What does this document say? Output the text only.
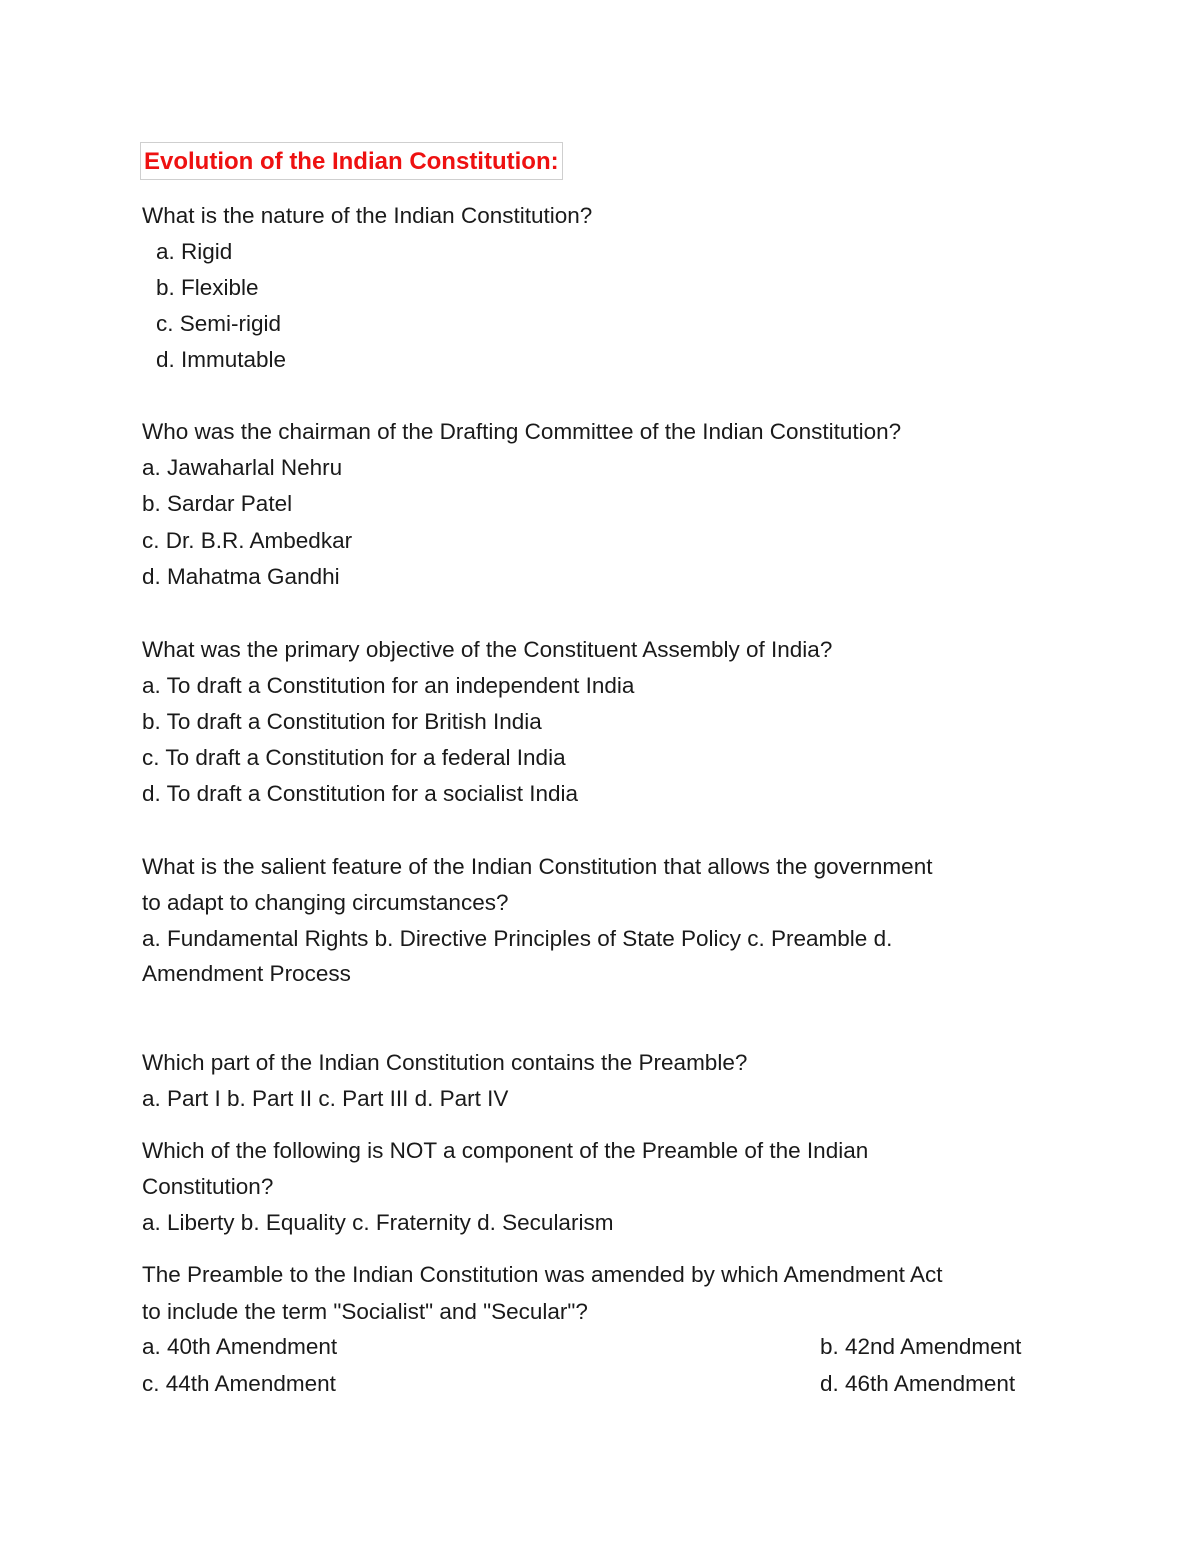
Evolution of the Indian Constitution:
What is the nature of the Indian Constitution?
a. Rigid
b. Flexible
c. Semi-rigid
d. Immutable
Who was the chairman of the Drafting Committee of the Indian Constitution?
a. Jawaharlal Nehru
b. Sardar Patel
c. Dr. B.R. Ambedkar
d. Mahatma Gandhi
What was the primary objective of the Constituent Assembly of India?
a. To draft a Constitution for an independent India
b. To draft a Constitution for British India
c. To draft a Constitution for a federal India
d. To draft a Constitution for a socialist India
What is the salient feature of the Indian Constitution that allows the government
to adapt to changing circumstances?
a. Fundamental Rights b. Directive Principles of State Policy c. Preamble d.
Amendment Process
Which part of the Indian Constitution contains the Preamble?
a. Part I b. Part II c. Part III d. Part IV
Which of the following is NOT a component of the Preamble of the Indian
Constitution?
a. Liberty b. Equality c. Fraternity d. Secularism
The Preamble to the Indian Constitution was amended by which Amendment Act
to include the term "Socialist" and "Secular"?
a. 40th Amendment	b. 42nd Amendment
c. 44th Amendment	d. 46th Amendment
